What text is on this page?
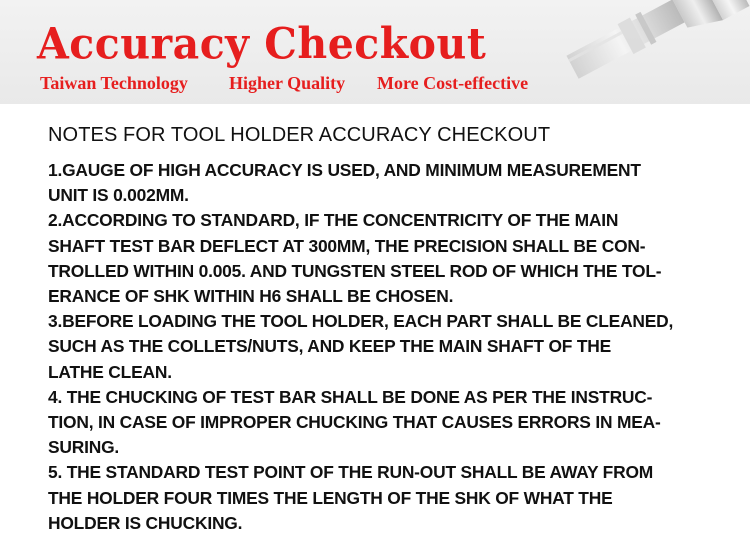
Accuracy Checkout
Taiwan Technology Higher Quality More Cost-effective
NOTES FOR TOOL HOLDER ACCURACY CHECKOUT
1.GAUGE OF HIGH ACCURACY IS USED, AND MINIMUM MEASUREMENT
UNIT IS 0.002MM.
2.ACCORDING TO STANDARD, IF THE CONCENTRICITY OF THE MAIN
SHAFT TEST BAR DEFLECT AT 300MM, THE PRECISION SHALL BE CON-
TROLLED WITHIN 0.005. AND TUNGSTEN STEEL ROD OF WHICH THE TOL-
ERANCE OF SHK WITHIN H6 SHALL BE CHOSEN.
3.BEFORE LOADING THE TOOL HOLDER, EACH PART SHALL BE CLEANED,
SUCH AS THE COLLETS/NUTS, AND KEEP THE MAIN SHAFT OF THE
LATHE CLEAN.
4. THE CHUCKING OF TEST BAR SHALL BE DONE AS PER THE INSTRUC-
TION, IN CASE OF IMPROPER CHUCKING THAT CAUSES ERRORS IN MEA-
SURING.
5. THE STANDARD TEST POINT OF THE RUN-OUT SHALL BE AWAY FROM
THE HOLDER FOUR TIMES THE LENGTH OF THE SHK OF WHAT THE
HOLDER IS CHUCKING.
